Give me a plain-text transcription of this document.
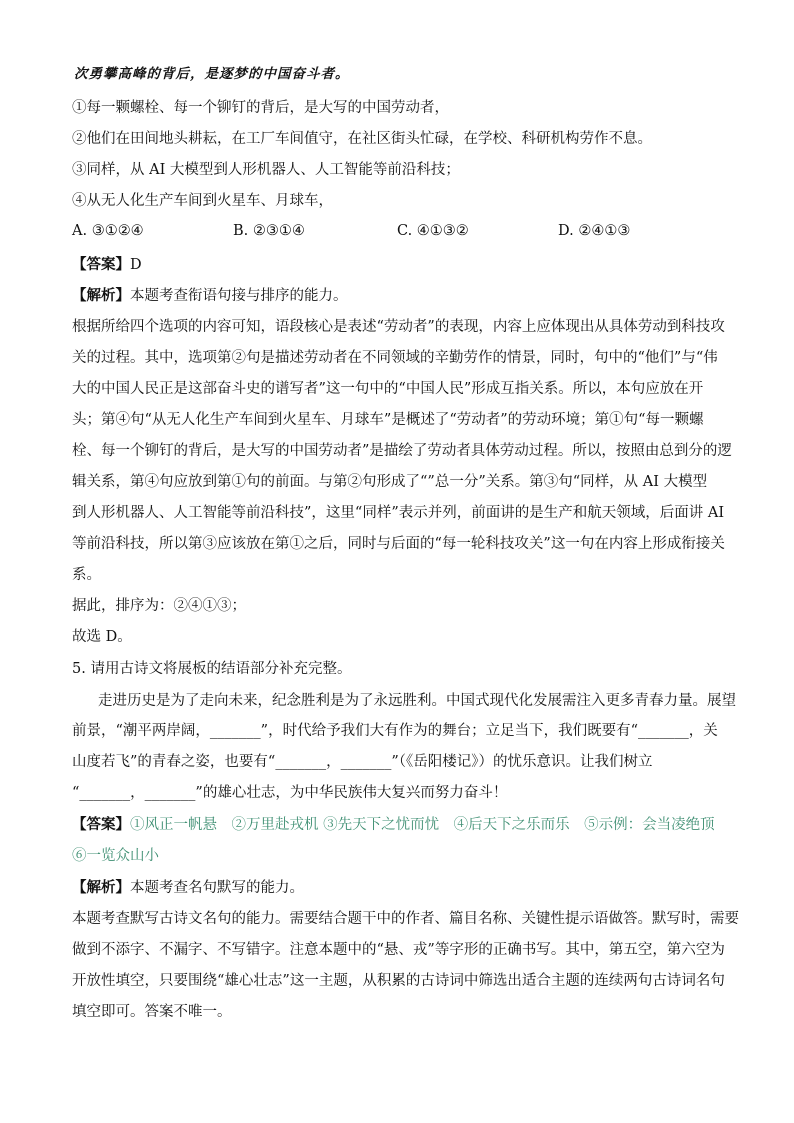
次勇攀高峰的背后，是逐梦的中国奋斗者。
①每一颗螺栓、每一个铆钉的背后，是大写的中国劳动者，
②他们在田间地头耕耘，在工厂车间值守，在社区街头忙碌，在学校、科研机构劳作不息。
③同样，从 AI 大模型到人形机器人、人工智能等前沿科技；
④从无人化生产车间到火星车、月球车，
A. ③①②④	B. ②③①④	C. ④①③②	D. ②④①③
【答案】D
【解析】本题考查衔语句接与排序的能力。
根据所给四个选项的内容可知，语段核心是表述“劳动者”的表现，内容上应体现出从具体劳动到科技攻
关的过程。其中，选项第②句是描述劳动者在不同领域的辛勤劳作的情景，同时，句中的“他们”与“伟
大的中国人民正是这部奋斗史的谱写者”这一句中的“中国人民”形成互指关系。所以，本句应放在开
头；第④句“从无人化生产车间到火星车、月球车”是概述了“劳动者”的劳动环境；第①句“每一颗螺
栓、每一个铆钉的背后，是大写的中国劳动者”是描绘了劳动者具体劳动过程。所以，按照由总到分的逻
辑关系，第④句应放到第①句的前面。与第②句形成了“”总一分”关系。第③句“同样，从 AI 大模型
到人形机器人、人工智能等前沿科技”，这里“同样”表示并列，前面讲的是生产和航天领域，后面讲 AI
等前沿科技，所以第③应该放在第①之后，同时与后面的“每一轮科技攻关”这一句在内容上形成衔接关
系。
据此，排序为：②④①③；
故选 D。
5. 请用古诗文将展板的结语部分补充完整。
走进历史是为了走向未来，纪念胜利是为了永远胜利。中国式现代化发展需注入更多青春力量。展望
前景，“潮平两岸阔，_______”，时代给予我们大有作为的舞台；立足当下，我们既要有“_______，关
山度若飞”的青春之姿，也要有“_______，_______”（《岳阳楼记》）的忧乐意识。让我们树立
“_______，_______”的雄心壮志，为中华民族伟大复兴而努力奋斗！
【答案】①风正一帆悬　②万里赴戎机 ③先天下之忧而忧　④后天下之乐而乐　⑤示例：会当凌绝顶
⑥一览众山小
【解析】本题考查名句默写的能力。
本题考查默写古诗文名句的能力。需要结合题干中的作者、篇目名称、关键性提示语做答。默写时，需要
做到不添字、不漏字、不写错字。注意本题中的“悬、戎”等字形的正确书写。其中，第五空，第六空为
开放性填空，只要围绕“雄心壮志”这一主题，从积累的古诗词中筛选出适合主题的连续两句古诗词名句
填空即可。答案不唯一。
